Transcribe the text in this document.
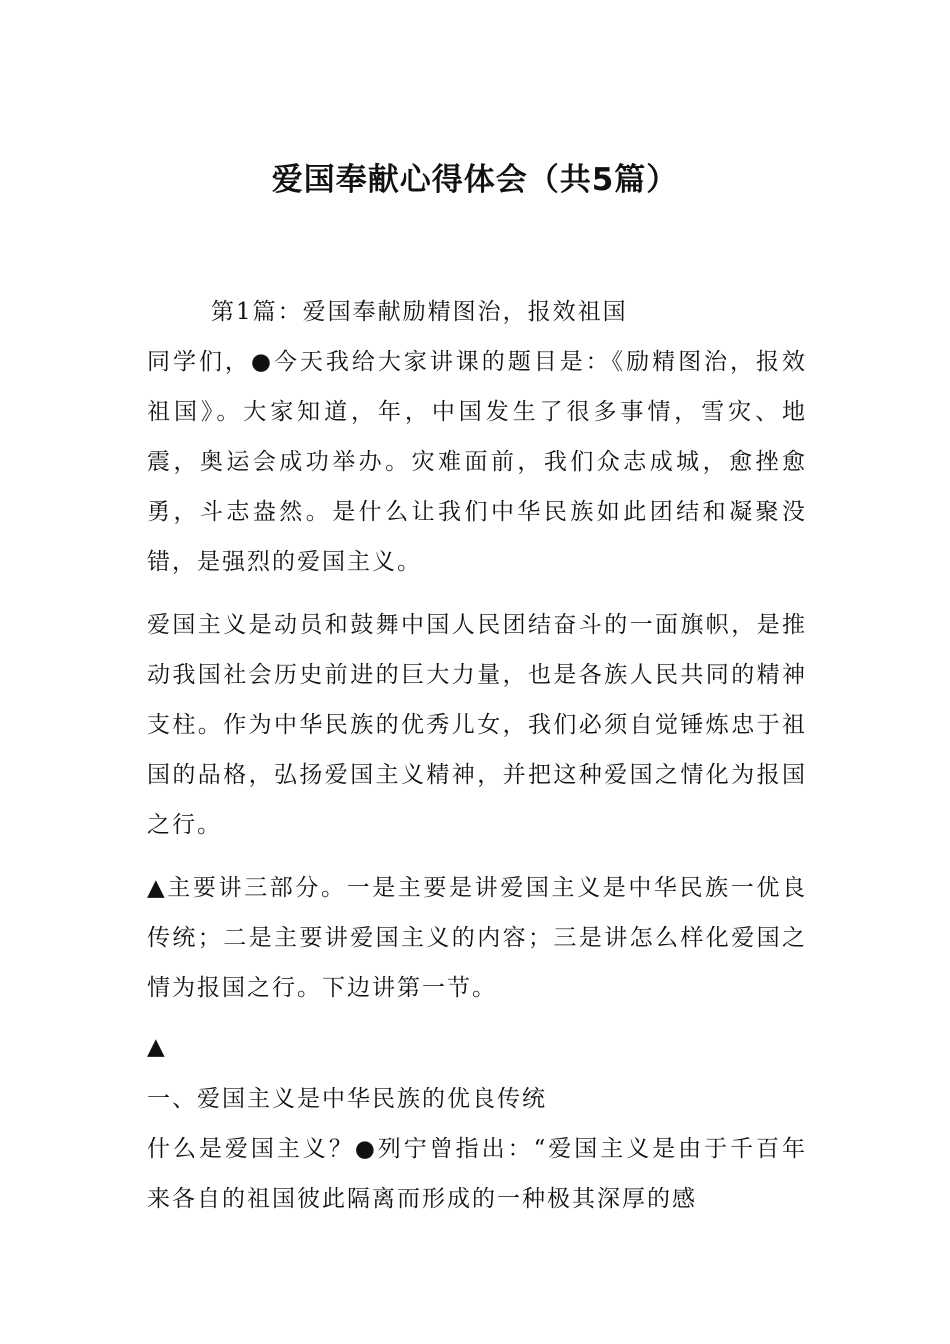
爱国奉献心得体会（共5篇）

第1篇：爱国奉献励精图治，报效祖国

同学们，●今天我给大家讲课的题目是：《励精图治，报效祖国》。大家知道，年，中国发生了很多事情，雪灾、地震，奥运会成功举办。灾难面前，我们众志成城，愈挫愈勇，斗志盎然。是什么让我们中华民族如此团结和凝聚没错，是强烈的爱国主义。

爱国主义是动员和鼓舞中国人民团结奋斗的一面旗帜，是推动我国社会历史前进的巨大力量，也是各族人民共同的精神支柱。作为中华民族的优秀儿女，我们必须自觉锤炼忠于祖国的品格，弘扬爱国主义精神，并把这种爱国之情化为报国之行。

▲主要讲三部分。一是主要是讲爱国主义是中华民族一优良传统；二是主要讲爱国主义的内容；三是讲怎么样化爱国之情为报国之行。下边讲第一节。

▲

一、爱国主义是中华民族的优良传统

什么是爱国主义？●列宁曾指出：“爱国主义是由于千百年来各自的祖国彼此隔离而形成的一种极其深厚的感
